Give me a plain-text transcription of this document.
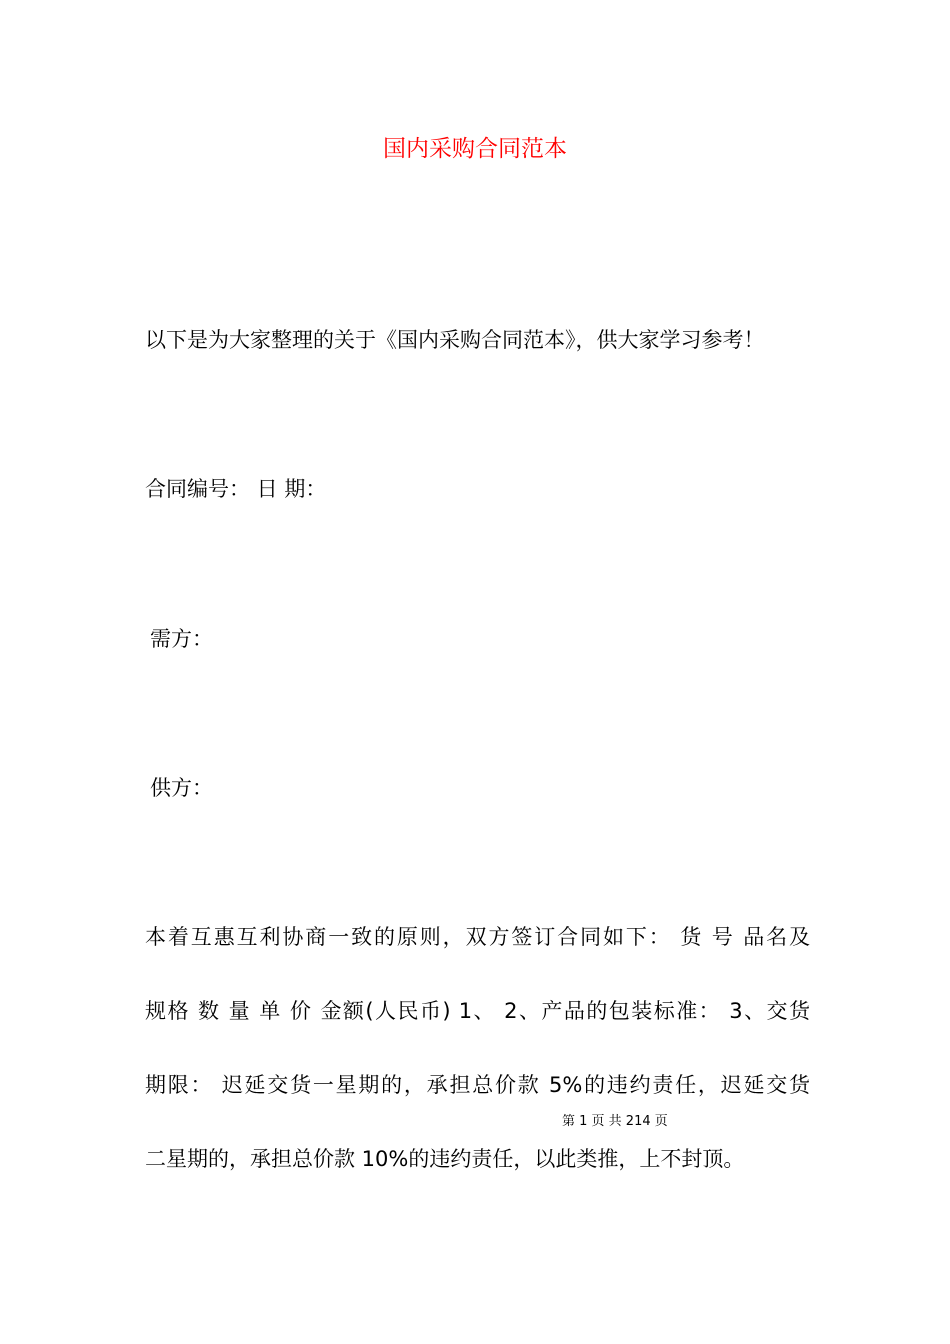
国内采购合同范本
以下是为大家整理的关于《国内采购合同范本》，供大家学习参考！
合同编号： 日 期：
需方：
供方：
本着互惠互利协商一致的原则，双方签订合同如下： 货 号 品名及
规格 数 量 单 价 金额(人民币) 1、 2、产品的包装标准： 3、交货
期限： 迟延交货一星期的，承担总价款 5%的违约责任，迟延交货
第 1 页 共 214 页
二星期的，承担总价款 10%的违约责任，以此类推，上不封顶。
